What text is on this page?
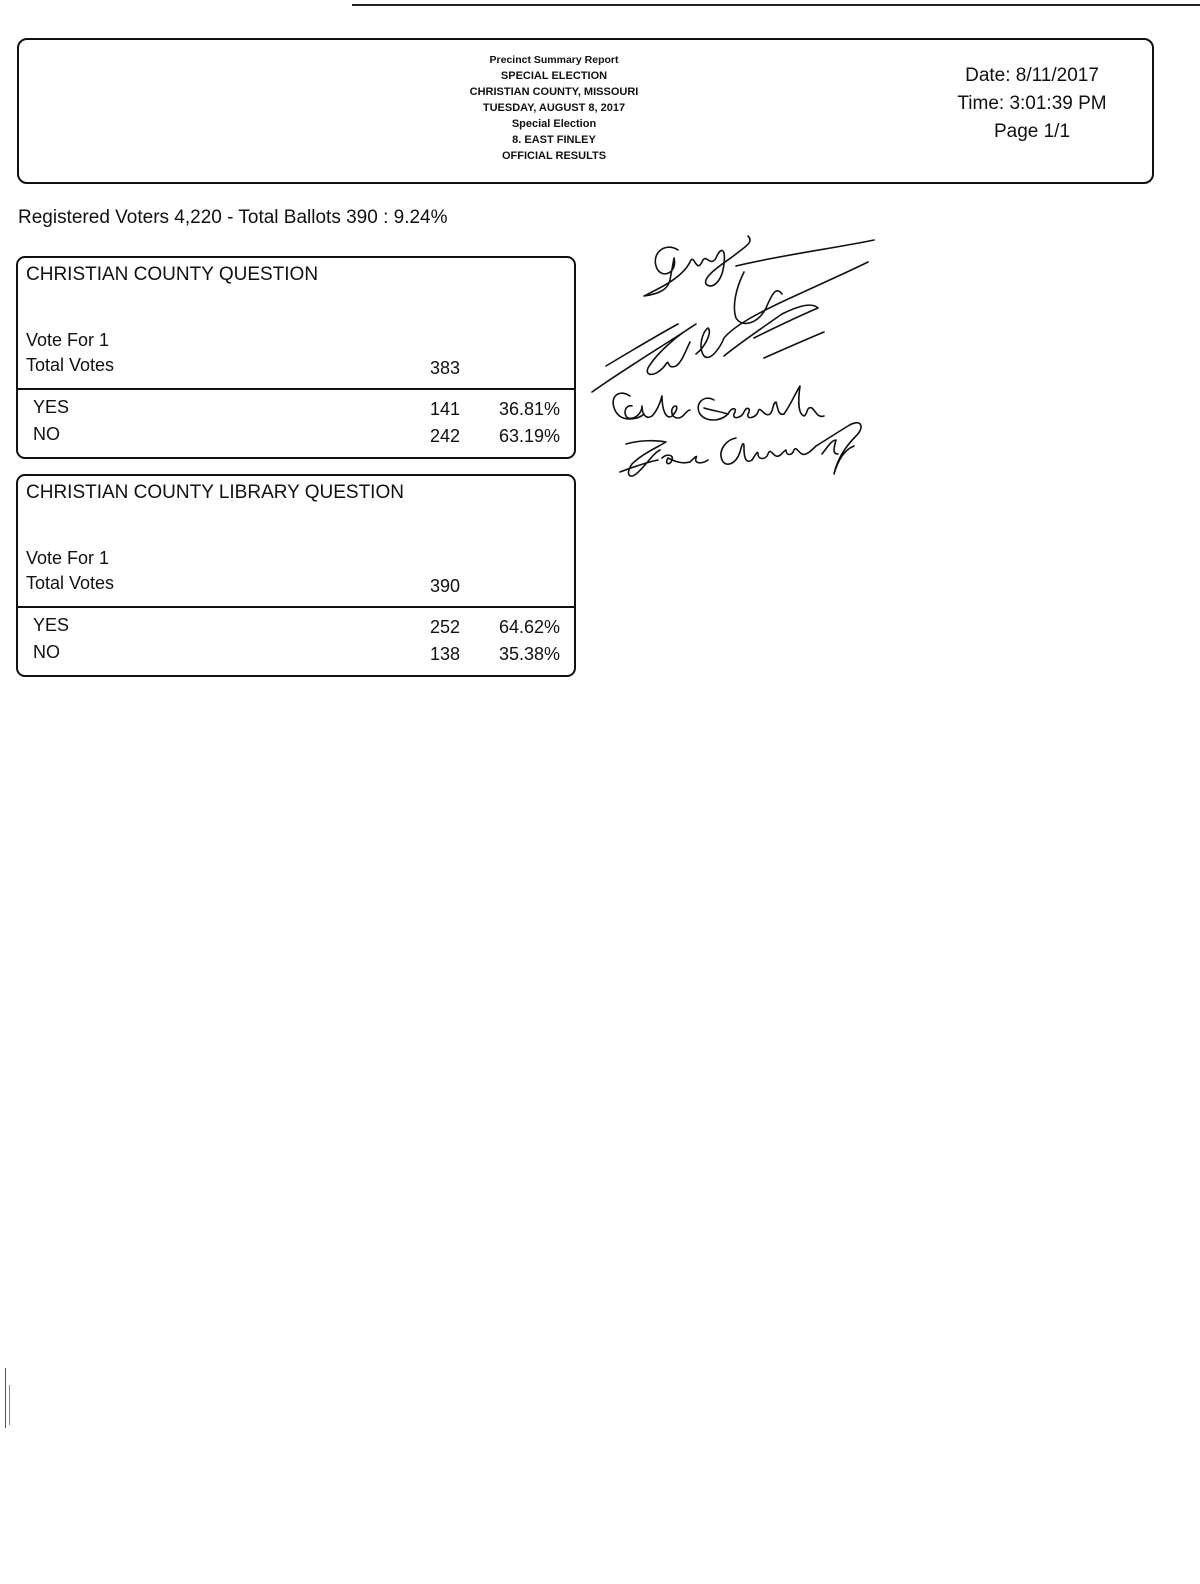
Precinct Summary Report
SPECIAL ELECTION
CHRISTIAN COUNTY, MISSOURI
TUESDAY, AUGUST 8, 2017
Special Election
8. EAST FINLEY
OFFICIAL RESULTS
Date: 8/11/2017
Time: 3:01:39 PM
Page 1/1
Registered Voters 4,220 - Total Ballots 390 : 9.24%
CHRISTIAN COUNTY QUESTION
Vote For 1
Total Votes	383
YES	141	36.81%
NO	242	63.19%
CHRISTIAN COUNTY LIBRARY QUESTION
Vote For 1
Total Votes	390
YES	252	64.62%
NO	138	35.38%
